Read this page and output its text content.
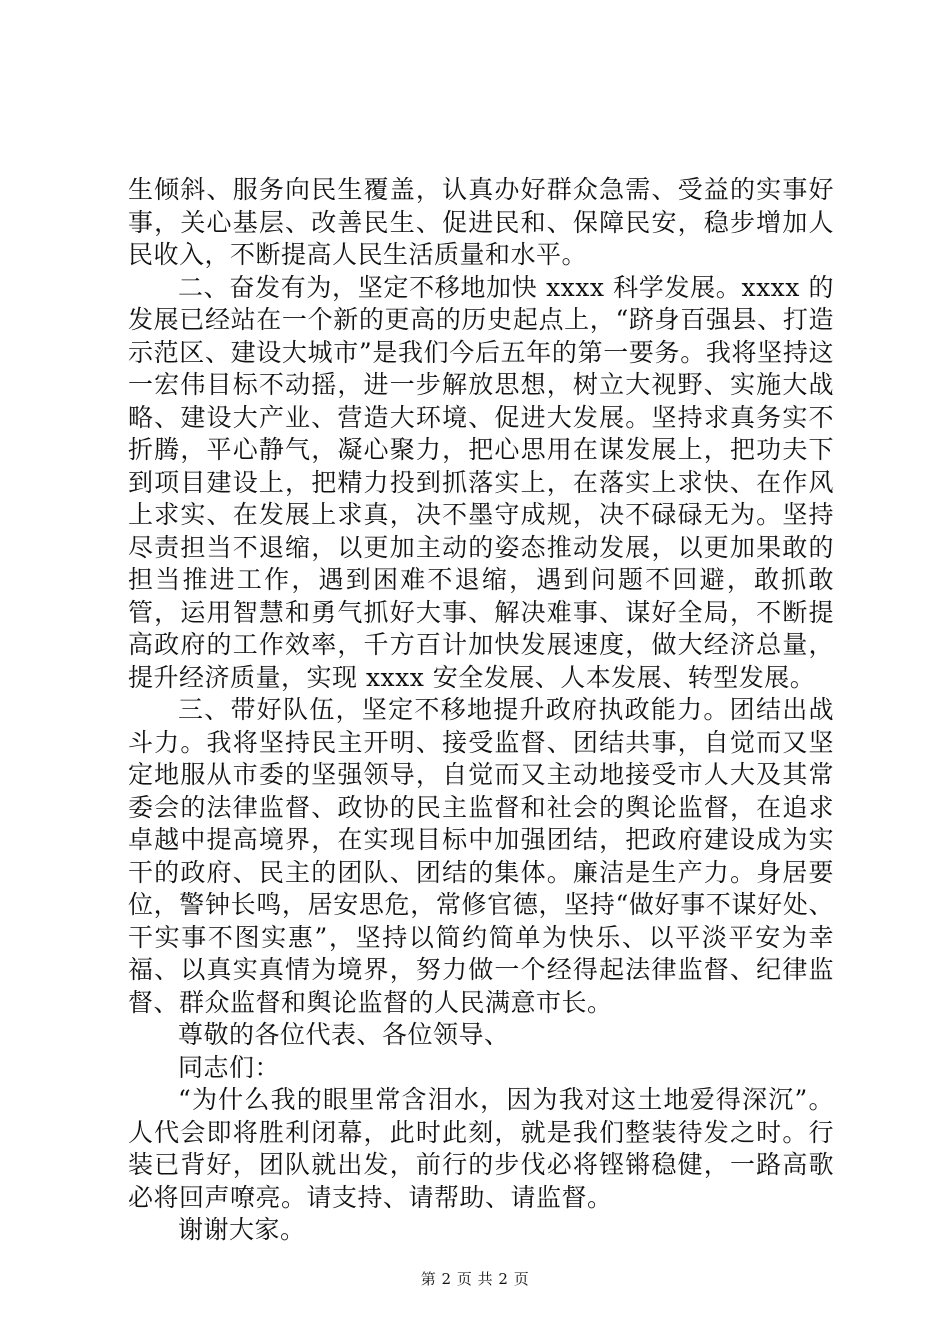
生倾斜、服务向民生覆盖，认真办好群众急需、受益的实事好事，关心基层、改善民生、促进民和、保障民安，稳步增加人民收入，不断提高人民生活质量和水平。

二、奋发有为，坚定不移地加快 xxxx 科学发展。xxxx 的发展已经站在一个新的更高的历史起点上，“跻身百强县、打造示范区、建设大城市”是我们今后五年的第一要务。我将坚持这一宏伟目标不动摇，进一步解放思想，树立大视野、实施大战略、建设大产业、营造大环境、促进大发展。坚持求真务实不折腾，平心静气，凝心聚力，把心思用在谋发展上，把功夫下到项目建设上，把精力投到抓落实上，在落实上求快、在作风上求实、在发展上求真，决不墨守成规，决不碌碌无为。坚持尽责担当不退缩，以更加主动的姿态推动发展，以更加果敢的担当推进工作，遇到困难不退缩，遇到问题不回避，敢抓敢管，运用智慧和勇气抓好大事、解决难事、谋好全局，不断提高政府的工作效率，千方百计加快发展速度，做大经济总量，提升经济质量，实现 xxxx 安全发展、人本发展、转型发展。

三、带好队伍，坚定不移地提升政府执政能力。团结出战斗力。我将坚持民主开明、接受监督、团结共事，自觉而又坚定地服从市委的坚强领导，自觉而又主动地接受市人大及其常委会的法律监督、政协的民主监督和社会的舆论监督，在追求卓越中提高境界，在实现目标中加强团结，把政府建设成为实干的政府、民主的团队、团结的集体。廉洁是生产力。身居要位，警钟长鸣，居安思危，常修官德，坚持“做好事不谋好处、干实事不图实惠”，坚持以简约简单为快乐、以平淡平安为幸福、以真实真情为境界，努力做一个经得起法律监督、纪律监督、群众监督和舆论监督的人民满意市长。

尊敬的各位代表、各位领导、

同志们：

“为什么我的眼里常含泪水，因为我对这土地爱得深沉”。人代会即将胜利闭幕，此时此刻，就是我们整装待发之时。行装已背好，团队就出发，前行的步伐必将铿锵稳健，一路高歌必将回声嘹亮。请支持、请帮助、请监督。

谢谢大家。

第 2 页 共 2 页
